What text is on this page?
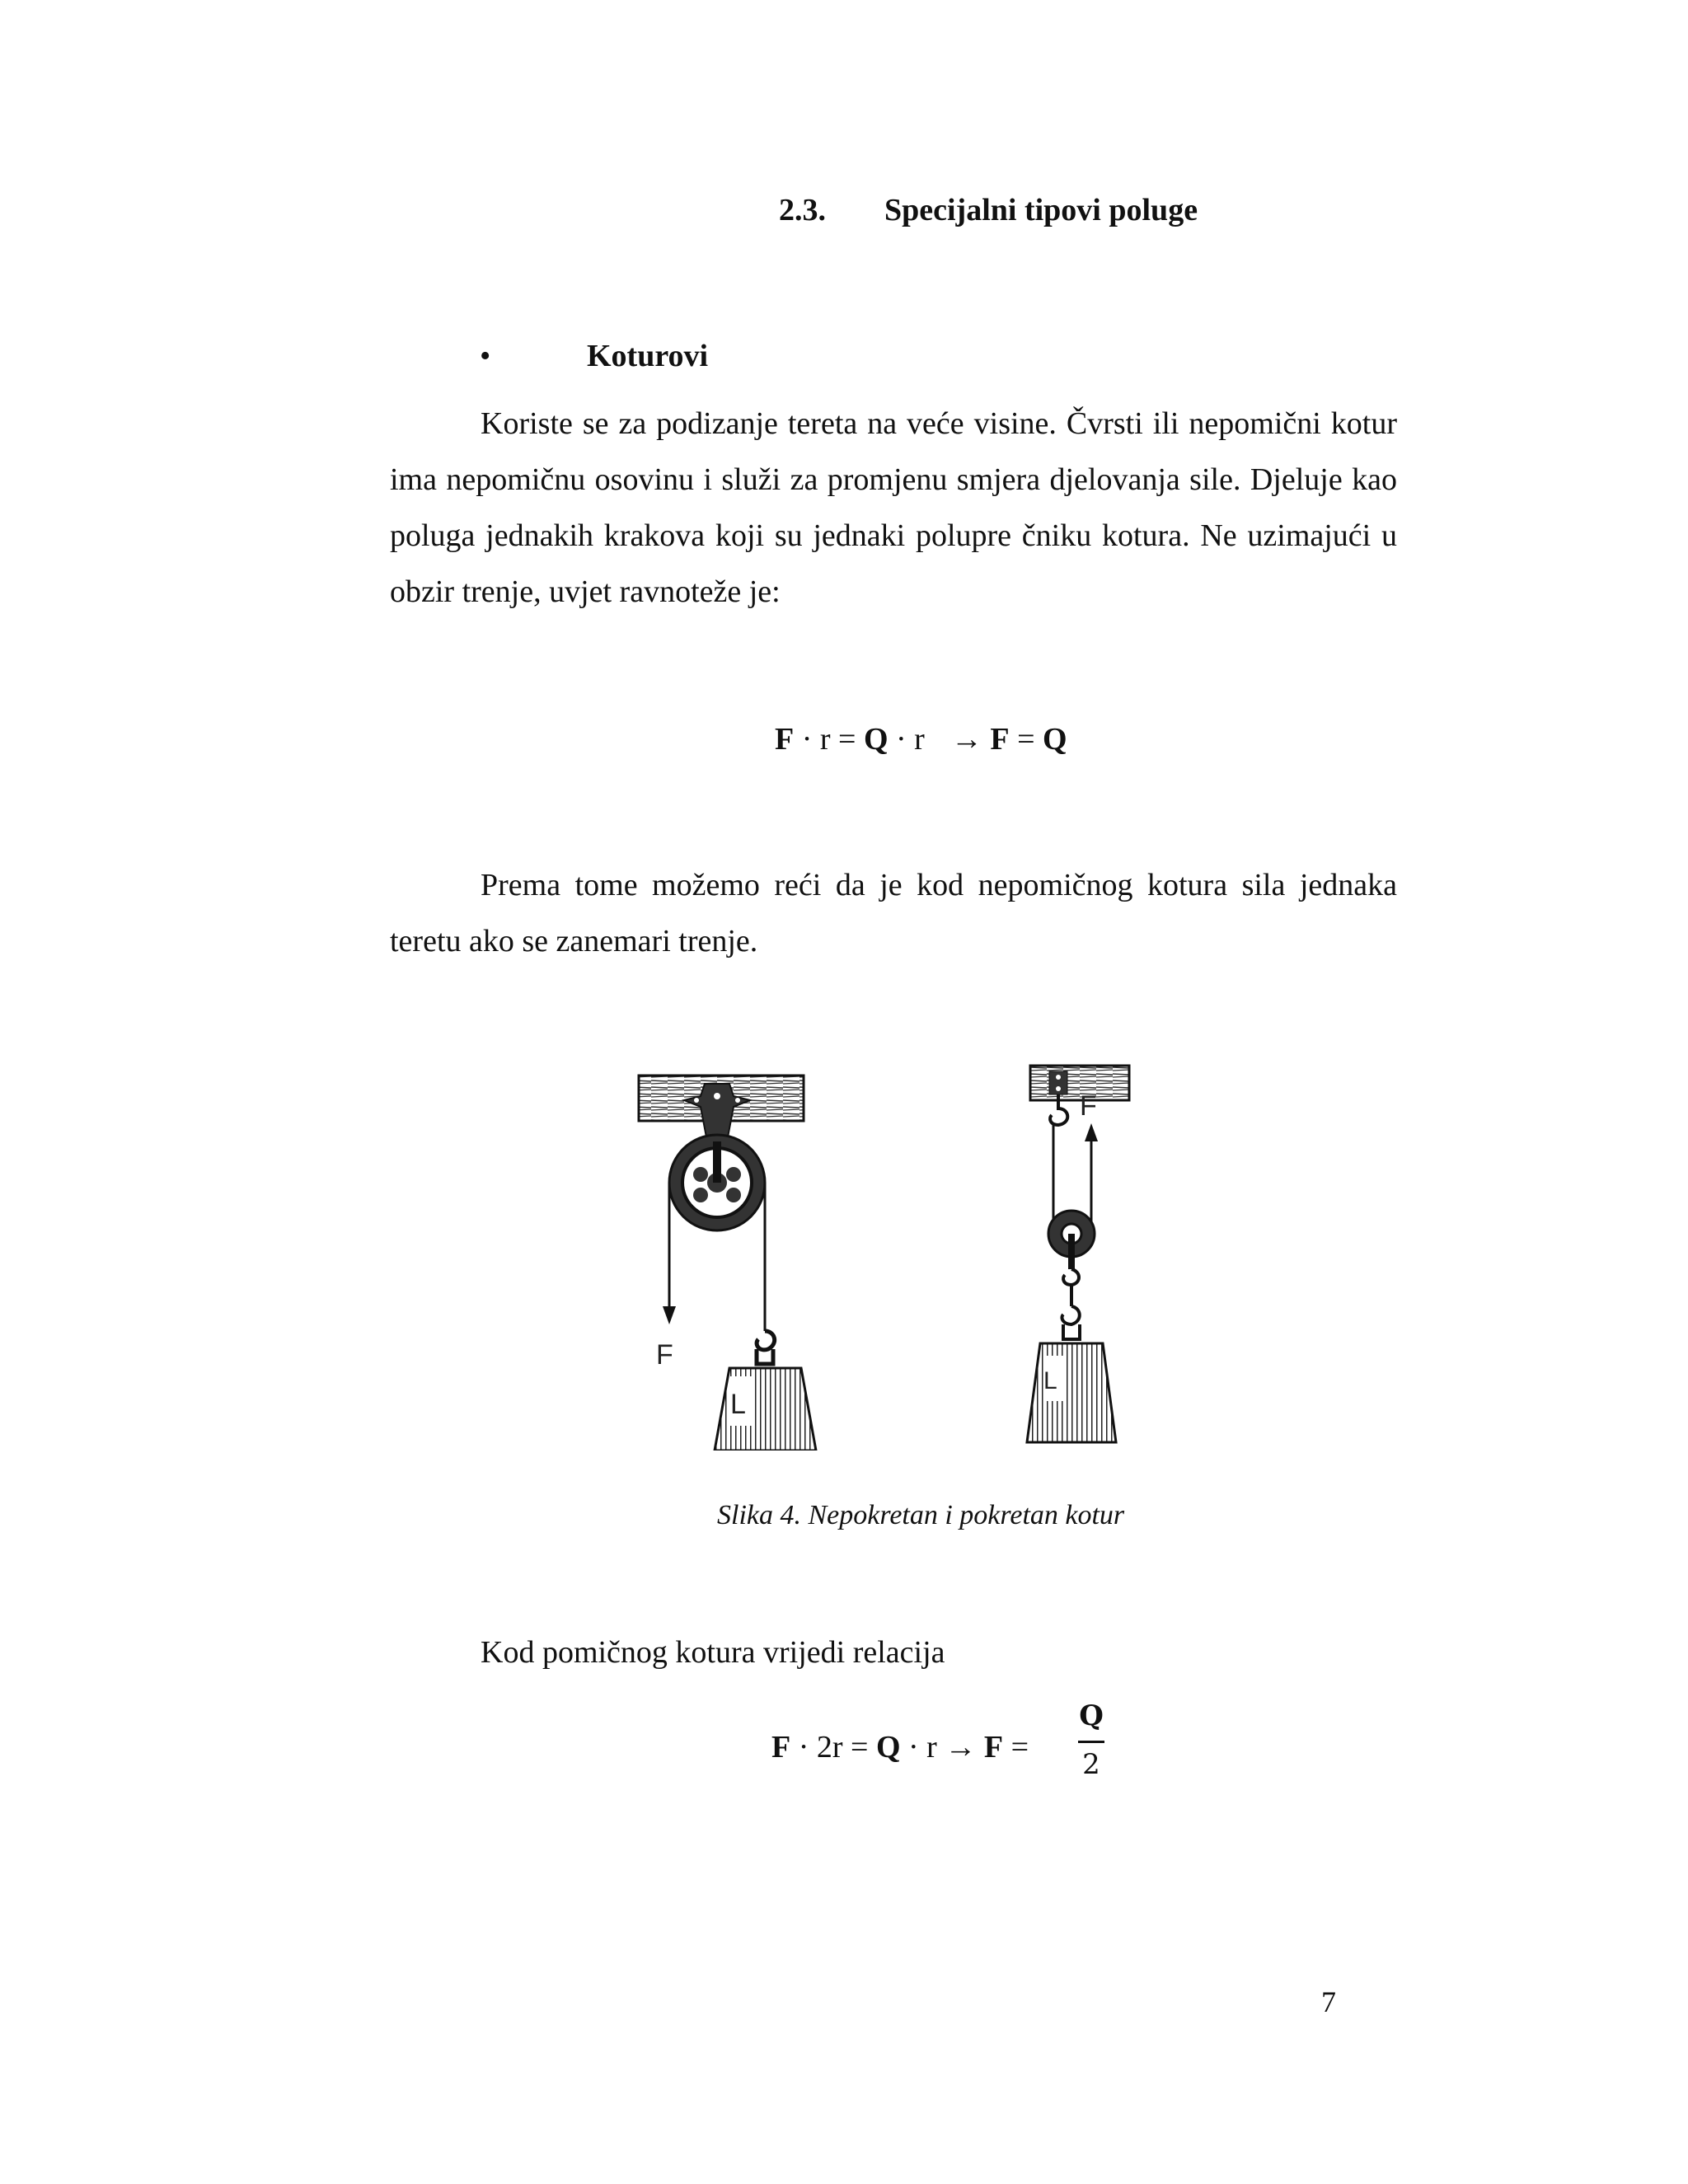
2.3. Specijalni tipovi poluge
•	Koturovi
Koriste se za podizanje tereta na veće visine. Čvrsti ili nepomični kotur ima nepomičnu osovinu i služi za promjenu smjera djelovanja sile. Djeluje kao poluga jednakih krakova koji su jednaki polupre čniku kotura. Ne uzimajući u obzir trenje, uvjet ravnoteže je:
F · r = Q · r → F = Q
Prema tome možemo reći da je kod nepomičnog kotura sila jednaka teretu ako se zanemari trenje.
F
L
F
L
Slika 4. Nepokretan i pokretan kotur
Kod pomičnog kotura vrijedi relacija
F · 2r = Q · r → F =
Q
2
7
